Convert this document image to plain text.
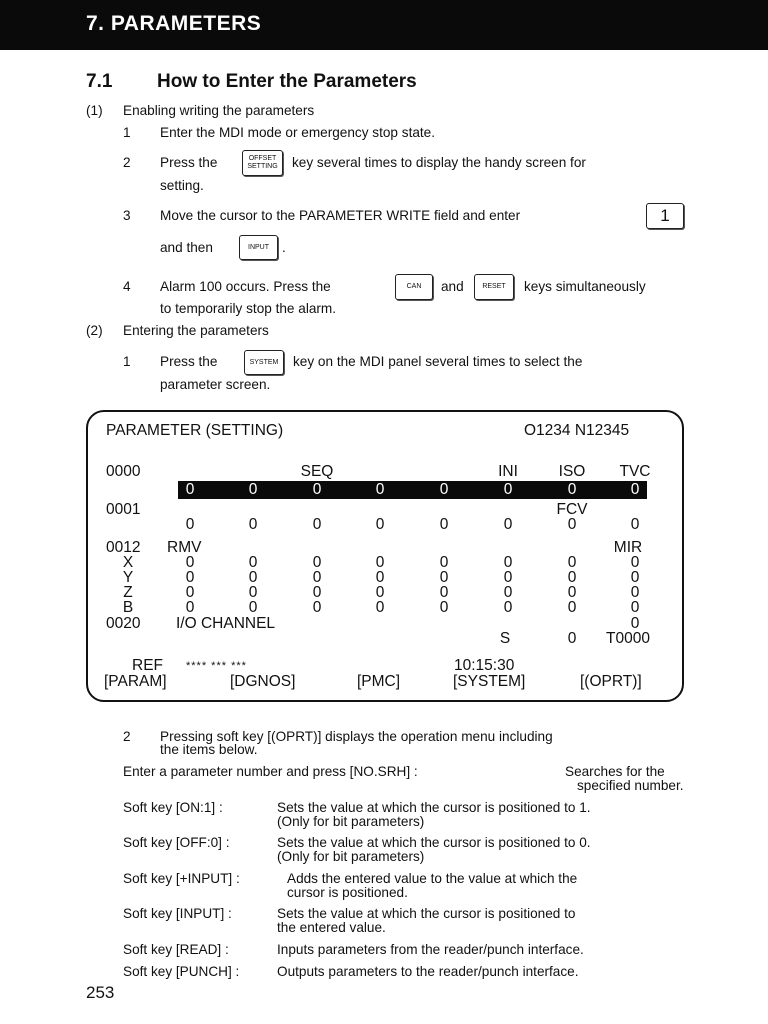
7. PARAMETERS
7.1 How to Enter the Parameters
(1) Enabling writing the parameters
1 Enter the MDI mode or emergency stop state.
2 Press the	OFFSET
SETTING key several times to display the handy screen for
setting.
3 Move the cursor to the PARAMETER WRITE field and enter	1
and then	INPUT .
4 Alarm 100 occurs. Press the	CAN	and	RESET	keys simultaneously
to temporarily stop the alarm.
(2) Entering the parameters
1 Press the	SYSTEM	key on the MDI panel several times to select the
parameter screen.
PARAMETER (SETTING)	O1234 N12345
0000	SEQ	INI	ISO TVC
0	0	0	0	0	0	0	0
0001	FCV
0	0	0	0	0	0	0	0
0012 RMV	MIR
X	0	0	0	0	0	0	0	0
Y	0	0	0	0	0	0	0	0
Z	0	0	0	0	0	0	0	0
B	0	0	0	0	0	0	0	0
0020 I/O CHANNEL	0
S	0 T0000
REF **** *** ***	10:15:30
[PARAM]	[DGNOS]	[PMC]	[SYSTEM]	[(OPRT)]
2 Pressing soft key [(OPRT)] displays the operation menu including
the items below.
Enter a parameter number and press [NO.SRH] :	Searches for the
specified number.
Soft key [ON:1] :	Sets the value at which the cursor is positioned to 1.
(Only for bit parameters)
Soft key [OFF:0] :	Sets the value at which the cursor is positioned to 0.
(Only for bit parameters)
Soft key [+INPUT] :	Adds the entered value to the value at which the
cursor is positioned.
Soft key [INPUT] :	Sets the value at which the cursor is positioned to
the entered value.
Soft key [READ] :	Inputs parameters from the reader/punch interface.
Soft key [PUNCH] :	Outputs parameters to the reader/punch interface.
253
